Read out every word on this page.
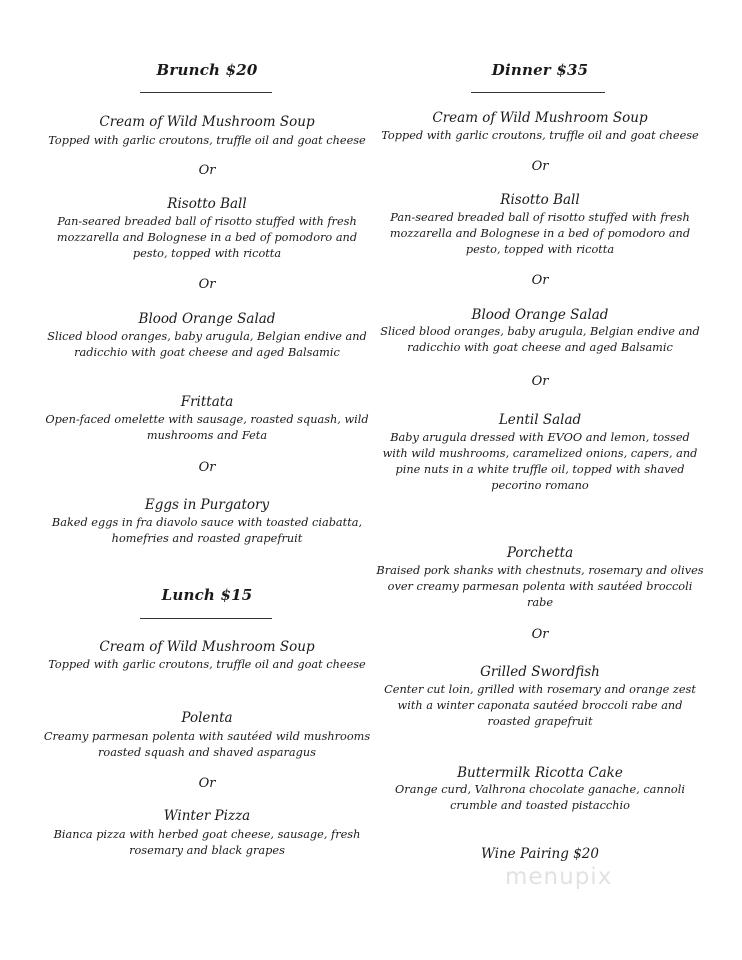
Brunch $20
Cream of Wild Mushroom Soup
Topped with garlic croutons, truffle oil and goat cheese
Or
Risotto Ball
Pan-seared breaded ball of risotto stuffed with fresh
mozzarella and Bolognese in a bed of pomodoro and
pesto, topped with ricotta
Or
Blood Orange Salad
Sliced blood oranges, baby arugula, Belgian endive and
radicchio with goat cheese and aged Balsamic
Frittata
Open-faced omelette with sausage, roasted squash, wild
mushrooms and Feta
Or
Eggs in Purgatory
Baked eggs in fra diavolo sauce with toasted ciabatta,
homefries and roasted grapefruit
Lunch $15
Cream of Wild Mushroom Soup
Topped with garlic croutons, truffle oil and goat cheese
Polenta
Creamy parmesan polenta with sautéed wild mushrooms
roasted squash and shaved asparagus
Or
Winter Pizza
Bianca pizza with herbed goat cheese, sausage, fresh
rosemary and black grapes
Dinner $35
Cream of Wild Mushroom Soup
Topped with garlic croutons, truffle oil and goat cheese
Or
Risotto Ball
Pan-seared breaded ball of risotto stuffed with fresh
mozzarella and Bolognese in a bed of pomodoro and
pesto, topped with ricotta
Or
Blood Orange Salad
Sliced blood oranges, baby arugula, Belgian endive and
radicchio with goat cheese and aged Balsamic
Or
Lentil Salad
Baby arugula dressed with EVOO and lemon, tossed
with wild mushrooms, caramelized onions, capers, and
pine nuts in a white truffle oil, topped with shaved
pecorino romano
Porchetta
Braised pork shanks with chestnuts, rosemary and olives
over creamy parmesan polenta with sautéed broccoli
rabe
Or
Grilled Swordfish
Center cut loin, grilled with rosemary and orange zest
with a winter caponata sautéed broccoli rabe and
roasted grapefruit
Buttermilk Ricotta Cake
Orange curd, Valhrona chocolate ganache, cannoli
crumble and toasted pistacchio
Wine Pairing $20
menupix
